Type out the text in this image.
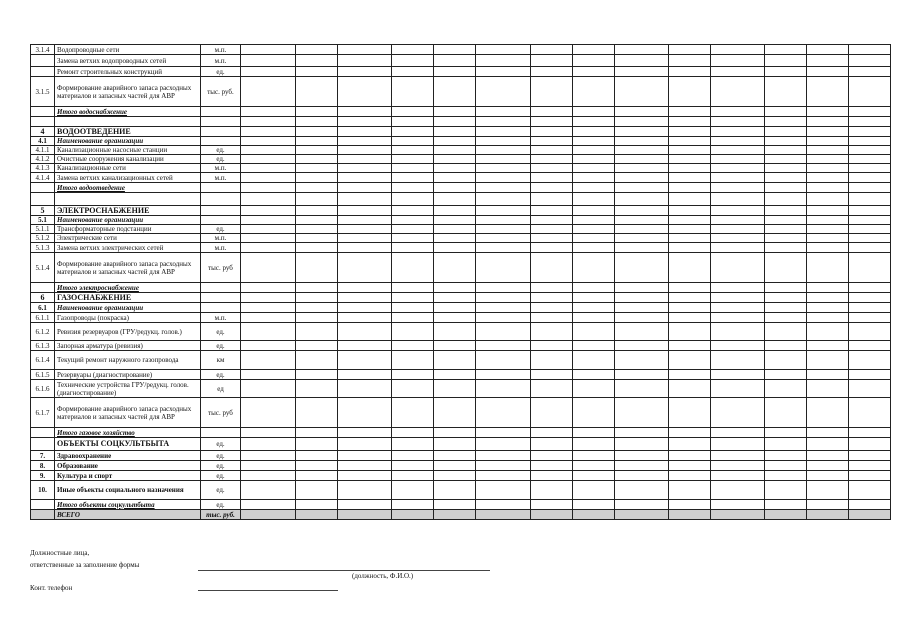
3.1.4	Водопроводные сети	м.п.														
	Замена ветхих водопроводных сетей	м.п.														
	Ремонт строительных конструкций	ед.														
3.1.5	Формирование аварийного запаса расходных материалов и запасных частей для АВР	тыс. руб.														
	Итого водоснабжение															

4	ВОДООТВЕДЕНИЕ															
4.1	Наименование организации															
4.1.1	Канализационные насосные станции	ед.														
4.1.2	Очистные сооружения канализации	ед.														
4.1.3	Канализационные сети	м.п.														
4.1.4	Замена ветхих канализационных сетей	м.п.														
	Итого водоотведение															

5	ЭЛЕКТРОСНАБЖЕНИЕ															
5.1	Наименование организации															
5.1.1	Трансформаторные подстанции	ед.														
5.1.2	Электрические сети	м.п.														
5.1.3	Замена ветхих электрических сетей	м.п.														
5.1.4	Формирование аварийного запаса расходных материалов и запасных частей для АВР	тыс. руб														
	Итого электроснабжение															
6	ГАЗОСНАБЖЕНИЕ															
6.1	Наименование организации															
6.1.1	Газопроводы (покраска)	м.п.														
6.1.2	Ревизия резервуаров (ГРУ/редукц. голов.)	ед.														
6.1.3	Запорная арматура (ревизия)	ед.														
6.1.4	Текущий ремонт наружного газопровода	км														
6.1.5	Резервуары (диагностирование)	ед.														
6.1.6	Технические устройства ГРУ/редукц. голов. (диагностирование)	ед														
6.1.7	Формирование аварийного запаса расходных материалов и запасных частей для АВР	тыс. руб														
	Итого газовое хозяйство															
	ОБЪЕКТЫ СОЦКУЛЬТБЫТА	ед.														
7.	Здравоохранение	ед.														
8.	Образование	ед.														
9.	Культура и спорт	ед.														
10.	Иные объекты социального назначения	ед.														
	Итого объекты соцкультбыта	ед.														
	ВСЕГО	тыс. руб.														
Должностные лица,
ответственные за заполнение формы
(должность, Ф.И.О.)
Конт. телефон
